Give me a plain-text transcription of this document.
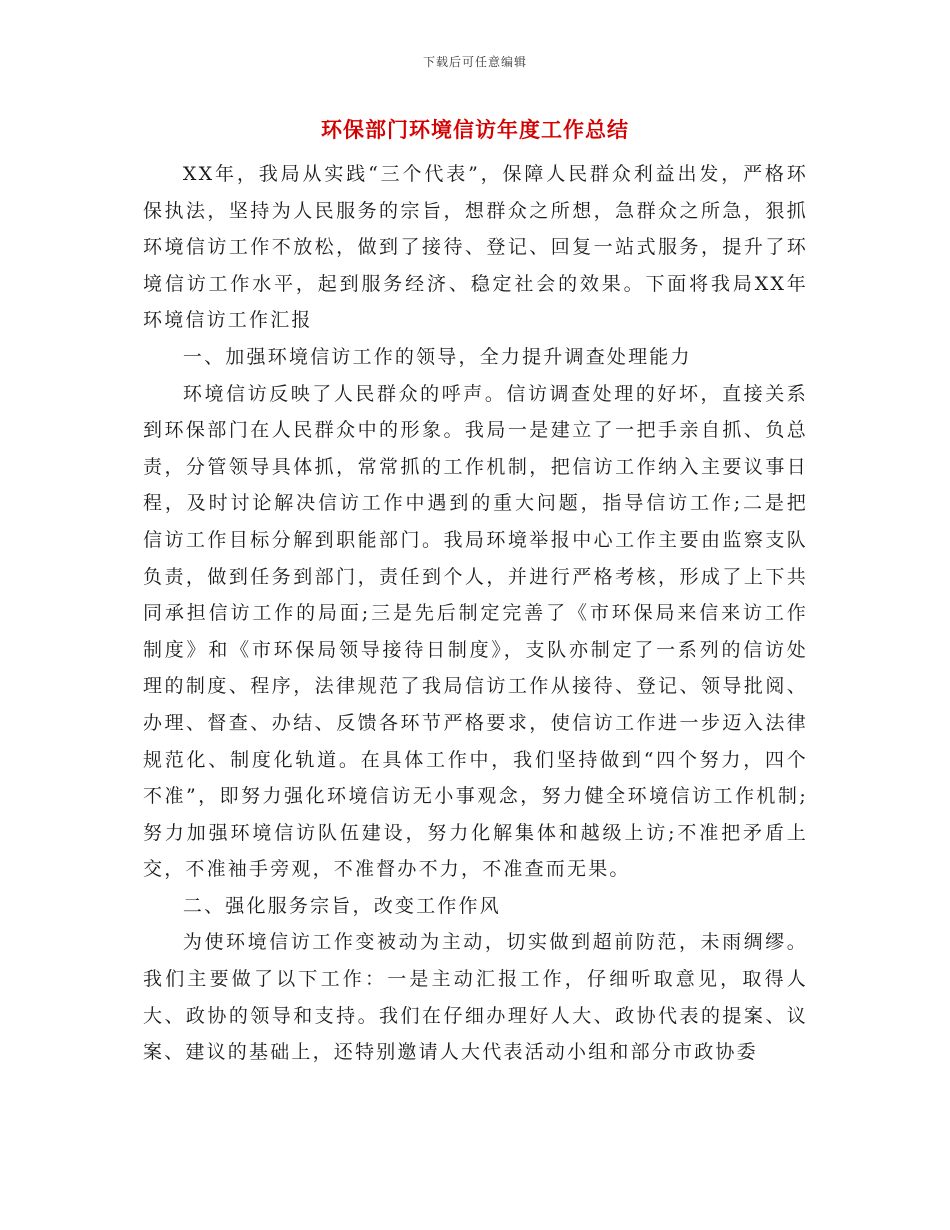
下载后可任意编辑
环保部门环境信访年度工作总结

XX年，我局从实践“三个代表”，保障人民群众利益出发，严格环保执法，坚持为人民服务的宗旨，想群众之所想，急群众之所急，狠抓环境信访工作不放松，做到了接待、登记、回复一站式服务，提升了环境信访工作水平，起到服务经济、稳定社会的效果。下面将我局XX年环境信访工作汇报

一、加强环境信访工作的领导，全力提升调查处理能力

环境信访反映了人民群众的呼声。信访调查处理的好坏，直接关系到环保部门在人民群众中的形象。我局一是建立了一把手亲自抓、负总责，分管领导具体抓，常常抓的工作机制，把信访工作纳入主要议事日程，及时讨论解决信访工作中遇到的重大问题，指导信访工作;二是把信访工作目标分解到职能部门。我局环境举报中心工作主要由监察支队负责，做到任务到部门，责任到个人，并进行严格考核，形成了上下共同承担信访工作的局面;三是先后制定完善了《市环保局来信来访工作制度》和《市环保局领导接待日制度》，支队亦制定了一系列的信访处理的制度、程序，法律规范了我局信访工作从接待、登记、领导批阅、办理、督查、办结、反馈各环节严格要求，使信访工作进一步迈入法律规范化、制度化轨道。在具体工作中，我们坚持做到“四个努力，四个不准”，即努力强化环境信访无小事观念，努力健全环境信访工作机制;努力加强环境信访队伍建设，努力化解集体和越级上访;不准把矛盾上交，不准袖手旁观，不准督办不力，不准查而无果。

二、强化服务宗旨，改变工作作风

为使环境信访工作变被动为主动，切实做到超前防范，未雨绸缪。我们主要做了以下工作：一是主动汇报工作，仔细听取意见，取得人大、政协的领导和支持。我们在仔细办理好人大、政协代表的提案、议案、建议的基础上，还特别邀请人大代表活动小组和部分市政协委
